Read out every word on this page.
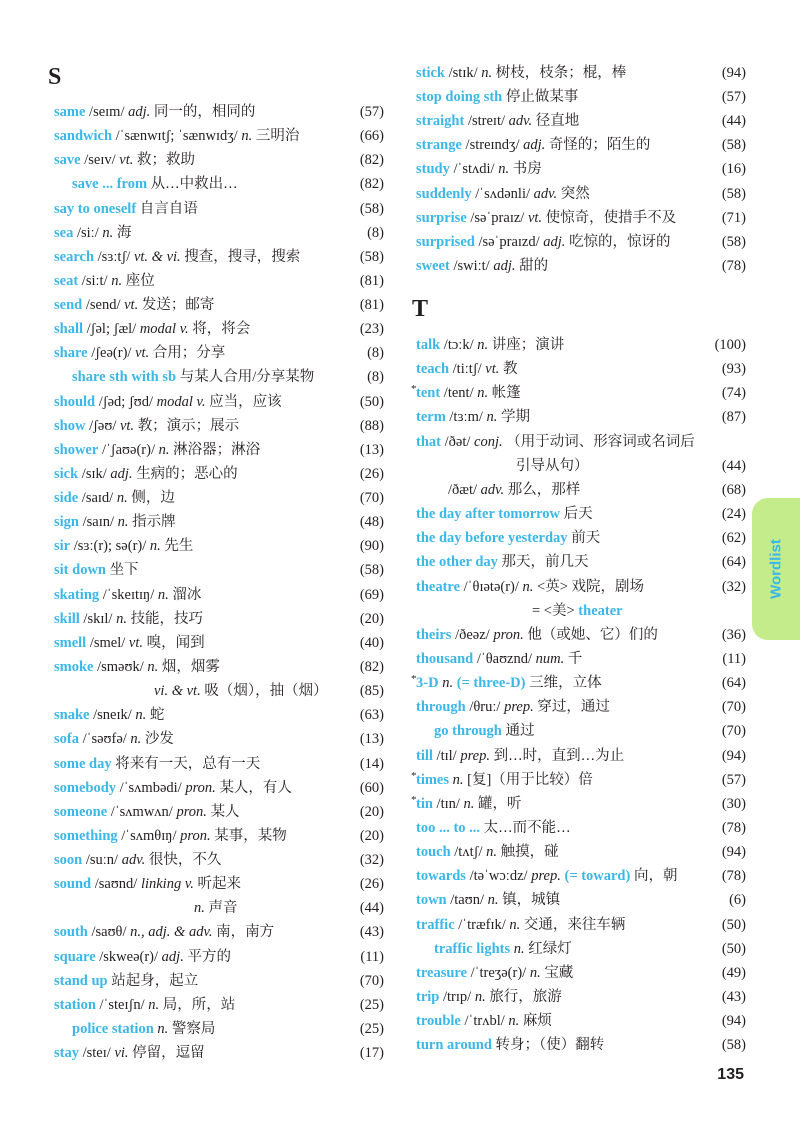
S
same /seɪm/ adj. 同一的，相同的	(57)
sandwich /ˈsænwɪtʃ; ˈsænwɪdʒ/ n. 三明治	(66)
save /seɪv/ vt. 救；救助	(82)
save ... from 从…中救出…	(82)
say to oneself 自言自语	(58)
sea /siː/ n. 海	(8)
search /sɜːtʃ/ vt. & vi. 搜查，搜寻，搜索	(58)
seat /siːt/ n. 座位	(81)
send /send/ vt. 发送；邮寄	(81)
shall /ʃəl; ʃæl/ modal v. 将，将会	(23)
share /ʃeə(r)/ vt. 合用；分享	(8)
share sth with sb 与某人合用/分享某物	(8)
should /ʃəd; ʃʊd/ modal v. 应当，应该	(50)
show /ʃəʊ/ vt. 教；演示；展示	(88)
shower /ˈʃaʊə(r)/ n. 淋浴器；淋浴	(13)
sick /sɪk/ adj. 生病的；恶心的	(26)
side /saɪd/ n. 侧，边	(70)
sign /saɪn/ n. 指示牌	(48)
sir /sɜː(r); sə(r)/ n. 先生	(90)
sit down 坐下	(58)
skating /ˈskeɪtɪŋ/ n. 溜冰	(69)
skill /skɪl/ n. 技能，技巧	(20)
smell /smel/ vt. 嗅，闻到	(40)
smoke /sməʊk/ n. 烟，烟雾	(82)
vi. & vt. 吸（烟），抽（烟） (85)
snake /sneɪk/ n. 蛇	(63)
sofa /ˈsəʊfə/ n. 沙发	(13)
some day 将来有一天，总有一天	(14)
somebody /ˈsʌmbədi/ pron. 某人，有人	(60)
someone /ˈsʌmwʌn/ pron. 某人	(20)
something /ˈsʌmθɪŋ/ pron. 某事，某物	(20)
soon /suːn/ adv. 很快，不久	(32)
sound /saʊnd/ linking v. 听起来	(26)
n. 声音	(44)
south /saʊθ/ n., adj. & adv. 南，南方	(43)
square /skweə(r)/ adj. 平方的	(11)
stand up 站起身，起立	(70)
station /ˈsteɪʃn/ n. 局，所，站	(25)
police station n. 警察局	(25)
stay /steɪ/ vi. 停留，逗留	(17)
stick /stɪk/ n. 树枝，枝条；棍，棒	(94)
stop doing sth 停止做某事	(57)
straight /streɪt/ adv. 径直地	(44)
strange /streɪndʒ/ adj. 奇怪的；陌生的	(58)
study /ˈstʌdi/ n. 书房	(16)
suddenly /ˈsʌdənli/ adv. 突然	(58)
surprise /səˈpraɪz/ vt. 使惊奇，使措手不及	(71)
surprised /səˈpraɪzd/ adj. 吃惊的，惊讶的	(58)
sweet /swiːt/ adj. 甜的	(78)
T
talk /tɔːk/ n. 讲座；演讲	(100)
teach /tiːtʃ/ vt. 教	(93)
* tent /tent/ n. 帐篷	(74)
term /tɜːm/ n. 学期	(87)
that /ðət/ conj. （用于动词、形容词或名词后
引导从句）	(44)
/ðæt/ adv. 那么，那样	(68)
the day after tomorrow 后天	(24)
the day before yesterday 前天	(62)
the other day 那天，前几天	(64)
theatre /ˈθɪətə(r)/ n. <英> 戏院，剧场	(32)
= <美> theater
theirs /ðeəz/ pron. 他（或她、它）们的	(36)
thousand /ˈθaʊznd/ num. 千	(11)
* 3-D n. (= three-D) 三维，立体	(64)
through /θruː/ prep. 穿过，通过	(70)
go through 通过	(70)
till /tɪl/ prep. 到…时，直到…为止	(94)
* times n. [复]（用于比较）倍	(57)
* tin /tɪn/ n. 罐，听	(30)
too ... to ... 太…而不能…	(78)
touch /tʌtʃ/ n. 触摸，碰	(94)
towards /təˈwɔːdz/ prep. (= toward) 向，朝	(78)
town /taʊn/ n. 镇，城镇	(6)
traffic /ˈtræfɪk/ n. 交通，来往车辆	(50)
traffic lights n. 红绿灯	(50)
treasure /ˈtreʒə(r)/ n. 宝藏	(49)
trip /trɪp/ n. 旅行，旅游	(43)
trouble /ˈtrʌbl/ n. 麻烦	(94)
turn around 转身；（使）翻转	(58)
Wordlist
135
